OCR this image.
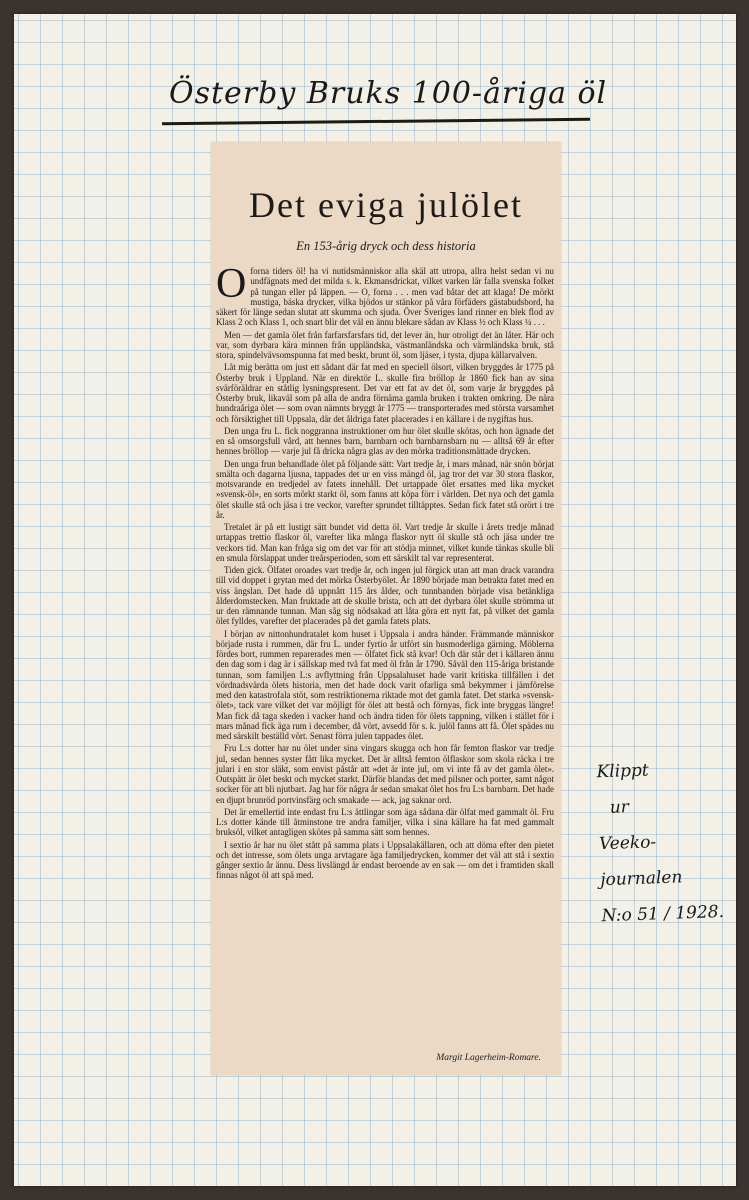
Österby Bruks 100-åriga öl
Det eviga julölet
En 153-årig dryck och dess historia

Oforna tiders öl! ha vi nutidsmänniskor alla skäl att utropa, allra helst sedan vi nu undfägnats med det milda s. k. Ekmansdrickat, vilket varken lär falla svenska folket på tungan eller på läppen. — O, forna . . . men vad båtar det att klaga! De mörkt mustiga, bäska drycker, vilka bjödos ur stänkor på våra förfäders gästabudsbord, ha säkert för länge sedan slutat att skumma och sjuda. Över Sveriges land rinner en blek flod av Klass 2 och Klass 1, och snart blir det väl en ännu blekare sådan av Klass ½ och Klass ¼ . . .

Men — det gamla ölet från farfarsfarsfars tid, det lever än, hur otroligt det än låter. Här och var, som dyrbara kära minnen från uppländska, västmanländska och värmländska bruk, stå stora, spindelvävsomspunna fat med beskt, brunt öl, som ljäser, i tysta, djupa källarvalven.

Låt mig berätta om just ett sådant där fat med en speciell ölsort, vilken bryggdes år 1775 på Österby bruk i Uppland. När en direktör L. skulle fira bröllop år 1860 fick han av sina svärföräldrar en ståtlig lysningspresent. Det var ett fat av det öl, som varje år bryggdes på Österby bruk, likaväl som på alla de andra förnäma gamla bruken i trakten omkring. De nära hundraåriga ölet — som ovan nämnts bryggt år 1775 — transporterades med största varsamhet och försiktighet till Uppsala, där det åldriga fatet placerades i en källare i de nygiftas hus.

Den unga fru L. fick noggranna instruktioner om hur ölet skulle skötas, och hon ägnade det en så omsorgsfull vård, att hennes barn, barnbarn och barnbarnsbarn nu — alltså 69 år efter hennes bröllop — varje jul få dricka några glas av den mörka traditionsmättade drycken.

Den unga frun behandlade ölet på följande sätt: Vart tredje år, i mars månad, när snön börjat smälta och dagarna ljusna, tappades det ur en viss mängd öl, jag tror det var 30 stora flaskor, motsvarande en tredjedel av fatets innehåll. Det urtappade ölet ersattes med lika mycket »svensk-öl», en sorts mörkt starkt öl, som fanns att köpa förr i världen. Det nya och det gamla ölet skulle stå och jäsa i tre veckor, varefter sprundet tilltäpptes. Sedan fick fatet stå orört i tre år.

Tretalet är på ett lustigt sätt bundet vid detta öl. Vart tredje år skulle i årets tredje månad urtappas trettio flaskor öl, varefter lika många flaskor nytt öl skulle stå och jäsa under tre veckors tid. Man kan fråga sig om det var för att stödja minnet, vilket kunde tänkas skulle bli en smula förslappat under treårsperioden, som ett särskilt tal var representerat.

Tiden gick. Ölfatet oroades vart tredje år, och ingen jul förgick utan att man drack varandra till vid doppet i grytan med det mörka Österbyölet. År 1890 började man betrakta fatet med en viss ängslan. Det hade då uppnått 115 års ålder, och tunnbanden började visa betänkliga ålderdomstecken. Man fruktade att de skulle brista, och att det dyrbara ölet skulle strömma ut ur den rämnande tunnan. Man såg sig nödsakad att låta göra ett nytt fat, på vilket det gamla ölet fylldes, varefter det placerades på det gamla fatets plats.

I början av nittonhundratalet kom huset i Uppsala i andra händer. Främmande människor började rusta i rummen, där fru L. under fyrtio år utfört sin husmoderliga gärning. Möblerna fördes bort, rummen reparerades men — ölfatet fick stå kvar! Och där står det i källaren ännu den dag som i dag är i sällskap med två fat med öl från år 1790. Såväl den 115-åriga bristande tunnan, som familjen L:s avflyttning från Uppsalahuset hade varit kritiska tillfällen i det vördnadsvärda ölets historia, men det hade dock varit ofarliga små bekymmer i jämförelse med den katastrofala stöt, som restriktionerna riktade mot det gamla fatet. Det starka »svenskölet», tack vare vilket det var möjligt för ölet att bestå och förnyas, fick inte bryggas längre! Man fick då taga skeden i vacker hand och ändra tiden för ölets tappning, vilken i stället för i mars månad fick äga rum i december, då vört, avsedd för s. k. julöl fanns att få. Ölet spädes nu med särskilt beställd vört. Senast förra julen tappades ölet.

Fru L:s dotter har nu ölet under sina vingars skugga och hon får femton flaskor var tredje jul, sedan hennes syster fått lika mycket. Det är alltså femton ölflaskor som skola räcka i tre julari i en stor släkt, som envist påstår att »det är inte jul, om vi inte få av det gamla ölet». Outspätt är ölet beskt och mycket starkt. Därför blandas det med pilsner och porter, samt något socker för att bli njutbart. Jag har för några år sedan smakat ölet hos fru L:s barnbarn. Det hade en djupt brunröd portvinsfärg och smakade — ack, jag saknar ord.

Det är emellertid inte endast fru L:s ättlingar som äga sådana där ölfat med gammalt öl. Fru L:s dotter kände till åtminstone tre andra familjer, vilka i sina källare ha fat med gammalt bruksöl, vilket antagligen skötes på samma sätt som hennes.

I sextio år har nu ölet stått på samma plats i Uppsalakällaren, och att döma efter den pietet och det intresse, som ölets unga arvtagare äga familjedrycken, kommer det väl att stå i sextio gånger sextio år ännu. Dess livslängd är endast beroende av en sak — om det i framtiden skall finnas något öl att spä med.

Margit Lagerheim-Romare.
Klippt
ur
Veeko-
journalen
N:o 51 / 1928.
